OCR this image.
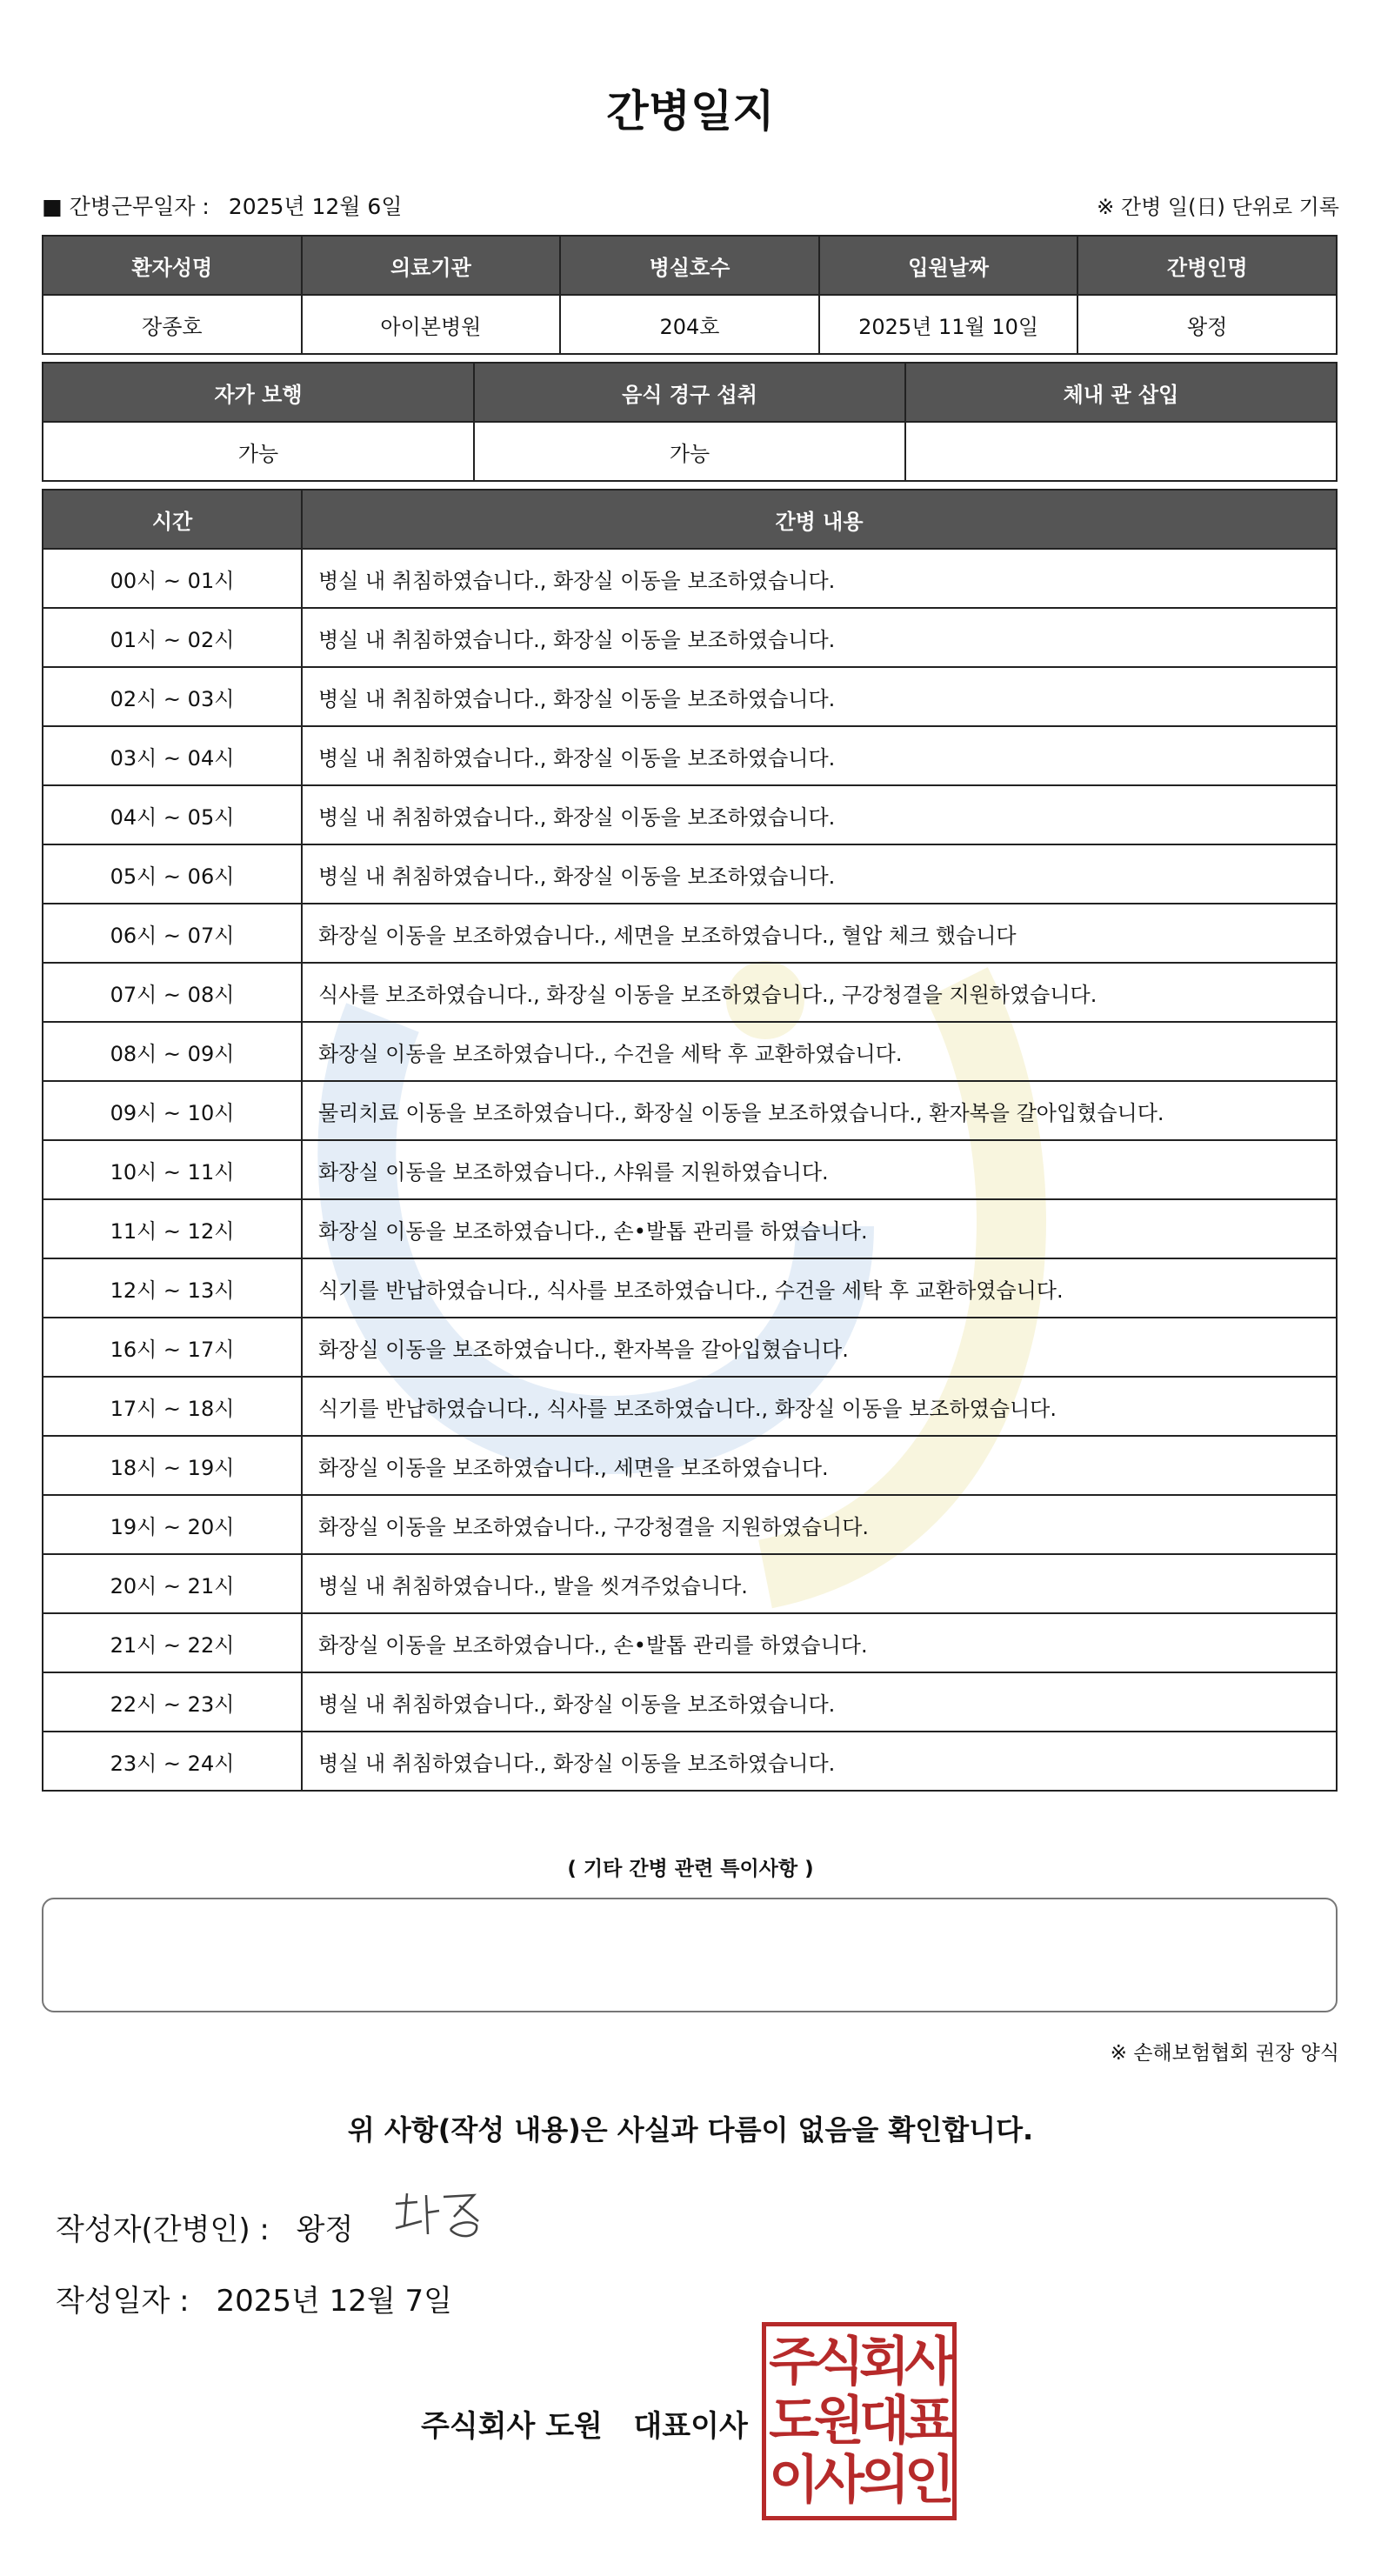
간병일지
■ 간병근무일자 : 2025년 12월 6일	※ 간병 일(日) 단위로 기록
환자성명	의료기관	병실호수	입원날짜	간병인명
장종호	아이본병원	204호	2025년 11월 10일	왕정
자가 보행	음식 경구 섭취	체내 관 삽입
가능	가능	
시간	간병 내용
00시 ~ 01시	병실 내 취침하였습니다., 화장실 이동을 보조하였습니다.
01시 ~ 02시	병실 내 취침하였습니다., 화장실 이동을 보조하였습니다.
02시 ~ 03시	병실 내 취침하였습니다., 화장실 이동을 보조하였습니다.
03시 ~ 04시	병실 내 취침하였습니다., 화장실 이동을 보조하였습니다.
04시 ~ 05시	병실 내 취침하였습니다., 화장실 이동을 보조하였습니다.
05시 ~ 06시	병실 내 취침하였습니다., 화장실 이동을 보조하였습니다.
06시 ~ 07시	화장실 이동을 보조하였습니다., 세면을 보조하였습니다., 혈압 체크 했습니다
07시 ~ 08시	식사를 보조하였습니다., 화장실 이동을 보조하였습니다., 구강청결을 지원하였습니다.
08시 ~ 09시	화장실 이동을 보조하였습니다., 수건을 세탁 후 교환하였습니다.
09시 ~ 10시	물리치료 이동을 보조하였습니다., 화장실 이동을 보조하였습니다., 환자복을 갈아입혔습니다.
10시 ~ 11시	화장실 이동을 보조하였습니다., 샤워를 지원하였습니다.
11시 ~ 12시	화장실 이동을 보조하였습니다., 손•발톱 관리를 하였습니다.
12시 ~ 13시	식기를 반납하였습니다., 식사를 보조하였습니다., 수건을 세탁 후 교환하였습니다.
16시 ~ 17시	화장실 이동을 보조하였습니다., 환자복을 갈아입혔습니다.
17시 ~ 18시	식기를 반납하였습니다., 식사를 보조하였습니다., 화장실 이동을 보조하였습니다.
18시 ~ 19시	화장실 이동을 보조하였습니다., 세면을 보조하였습니다.
19시 ~ 20시	화장실 이동을 보조하였습니다., 구강청결을 지원하였습니다.
20시 ~ 21시	병실 내 취침하였습니다., 발을 씻겨주었습니다.
21시 ~ 22시	화장실 이동을 보조하였습니다., 손•발톱 관리를 하였습니다.
22시 ~ 23시	병실 내 취침하였습니다., 화장실 이동을 보조하였습니다.
23시 ~ 24시	병실 내 취침하였습니다., 화장실 이동을 보조하였습니다.
( 기타 간병 관련 특이사항 )
※ 손해보험협회 권장 양식
위 사항(작성 내용)은 사실과 다름이 없음을 확인합니다.
작성자(간병인) : 왕정
작성일자 : 2025년 12월 7일
주식회사 도원   대표이사
주식회사
도원대표
이사의인
